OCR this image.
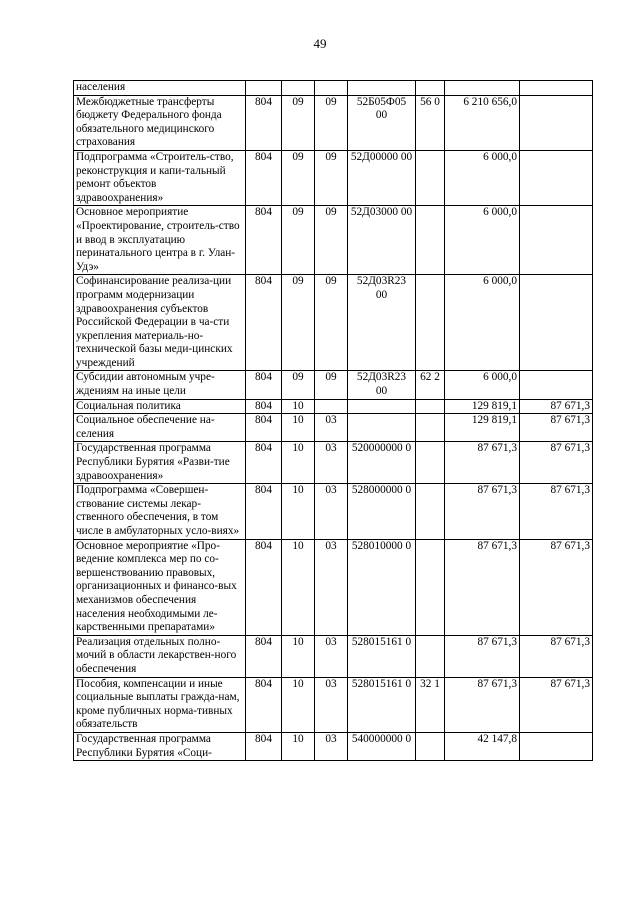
49
населения							
Межбюджетные трансферты бюджету Федерального фонда обязательного медицинского страхования	804	09	09	52Б05Ф05 00	56 0	6 210 656,0	
Подпрограмма «Строитель-ство, реконструкция и капи-тальный ремонт объектов здравоохранения»	804	09	09	52Д00000 00		6 000,0	
Основное мероприятие «Проектирование, строитель-ство и ввод в эксплуатацию перинатального центра в г. Улан-Удэ»	804	09	09	52Д03000 00		6 000,0	
Софинансирование реализа-ции программ модернизации здравоохранения субъектов Российской Федерации в ча-сти укрепления материаль-но-технической базы меди-цинских учреждений	804	09	09	52Д03R23 00		6 000,0	
Субсидии автономным учре-ждениям на иные цели	804	09	09	52Д03R23 00	62 2	6 000,0	
Социальная политика	804	10				129 819,1	87 671,3
Социальное обеспечение на-селения	804	10	03			129 819,1	87 671,3
Государственная программа Республики Бурятия «Разви-тие здравоохранения»	804	10	03	520000000 0		87 671,3	87 671,3
Подпрограмма «Совершен-ствование системы лекар-ственного обеспечения, в том числе в амбулаторных усло-виях»	804	10	03	528000000 0		87 671,3	87 671,3
Основное мероприятие «Про-ведение комплекса мер по со-вершенствованию правовых, организационных и финансо-вых механизмов обеспечения населения необходимыми ле-карственными препаратами»	804	10	03	528010000 0		87 671,3	87 671,3
Реализация отдельных полно-мочий в области лекарствен-ного обеспечения	804	10	03	528015161 0		87 671,3	87 671,3
Пособия, компенсации и иные социальные выплаты гражда-нам, кроме публичных норма-тивных обязательств	804	10	03	528015161 0	32 1	87 671,3	87 671,3
Государственная программа Республики Бурятия «Соци-	804	10	03	540000000 0		42 147,8	
